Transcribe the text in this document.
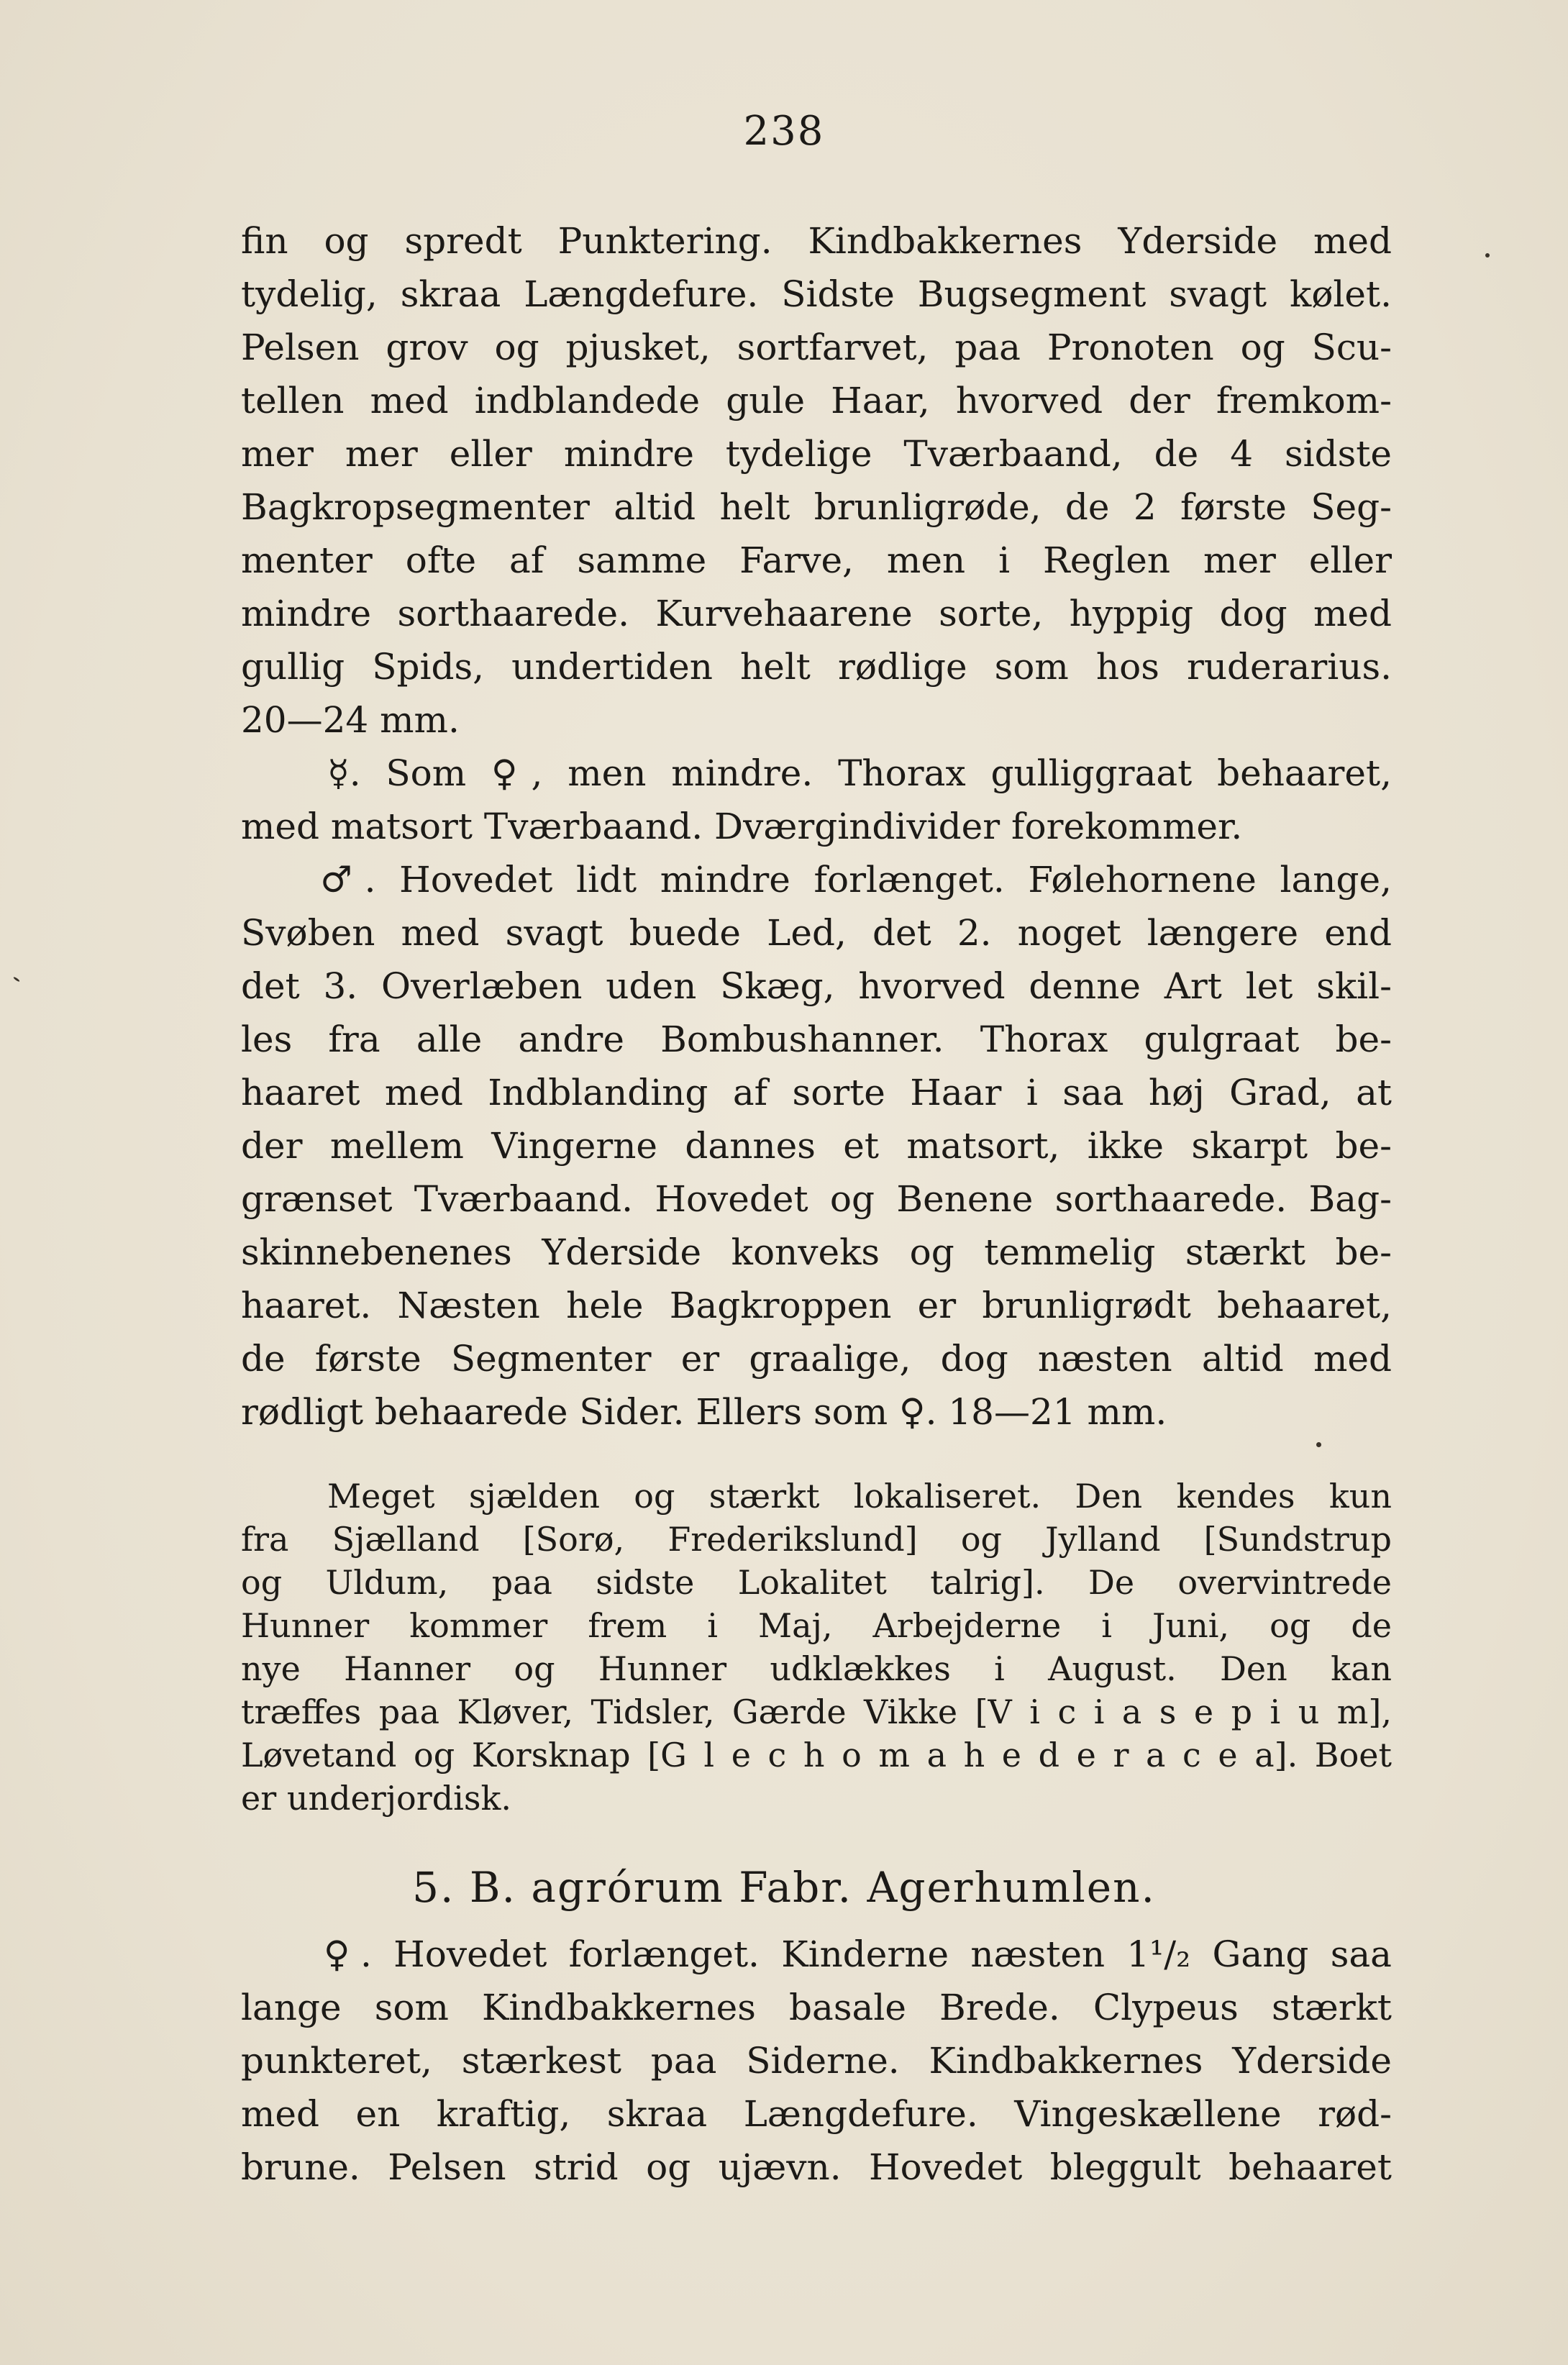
238
fin og spredt Punktering. Kindbakkernes Yderside med
tydelig, skraa Længdefure. Sidste Bugsegment svagt kølet.
Pelsen grov og pjusket, sortfarvet, paa Pronoten og Scu-
tellen med indblandede gule Haar, hvorved der fremkom-
mer mer eller mindre tydelige Tværbaand, de 4 sidste
Bagkropsegmenter altid helt brunligrøde, de 2 første Seg-
menter ofte af samme Farve, men i Reglen mer eller
mindre sorthaarede. Kurvehaarene sorte, hyppig dog med
gullig Spids, undertiden helt rødlige som hos ruderarius.
20—24 mm.
☿. Som ♀, men mindre. Thorax gulliggraat behaaret,
med matsort Tværbaand. Dværgindivider forekommer.
♂. Hovedet lidt mindre forlænget. Følehornene lange,
Svøben med svagt buede Led, det 2. noget længere end
det 3. Overlæben uden Skæg, hvorved denne Art let skil-
les fra alle andre Bombushanner. Thorax gulgraat be-
haaret med Indblanding af sorte Haar i saa høj Grad, at
der mellem Vingerne dannes et matsort, ikke skarpt be-
grænset Tværbaand. Hovedet og Benene sorthaarede. Bag-
skinnebenenes Yderside konveks og temmelig stærkt be-
haaret. Næsten hele Bagkroppen er brunligrødt behaaret,
de første Segmenter er graalige, dog næsten altid med
rødligt behaarede Sider. Ellers som ♀. 18—21 mm.
Meget sjælden og stærkt lokaliseret. Den kendes kun
fra Sjælland [Sorø, Frederikslund] og Jylland [Sundstrup
og Uldum, paa sidste Lokalitet talrig]. De overvintrede
Hunner kommer frem i Maj, Arbejderne i Juni, og de
nye Hanner og Hunner udklækkes i August. Den kan
træffes paa Kløver, Tidsler, Gærde Vikke [V i c i a s e p i u m],
Løvetand og Korsknap [G l e c h o m a h e d e r a c e a]. Boet
er underjordisk.
5. B. agrórum Fabr. Agerhumlen.
♀. Hovedet forlænget. Kinderne næsten 1¹/₂ Gang saa
lange som Kindbakkernes basale Brede. Clypeus stærkt
punkteret, stærkest paa Siderne. Kindbakkernes Yderside
med en kraftig, skraa Længdefure. Vingeskællene rød-
brune. Pelsen strid og ujævn. Hovedet bleggult behaaret
